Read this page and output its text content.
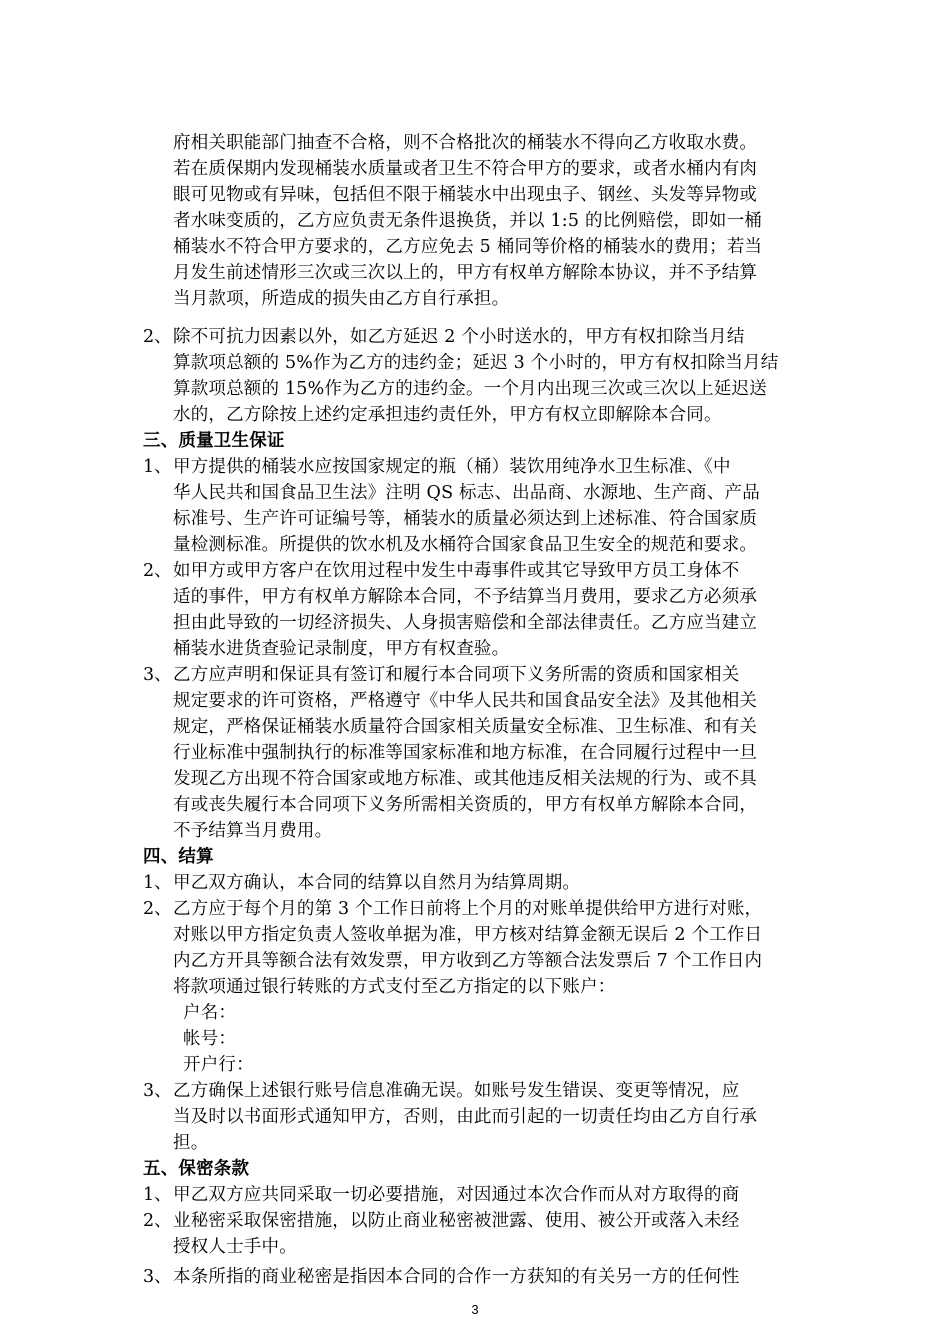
府相关职能部门抽查不合格，则不合格批次的桶装水不得向乙方收取水费。
若在质保期内发现桶装水质量或者卫生不符合甲方的要求，或者水桶内有肉
眼可见物或有异味，包括但不限于桶装水中出现虫子、钢丝、头发等异物或
者水味变质的，乙方应负责无条件退换货，并以 1:5 的比例赔偿，即如一桶
桶装水不符合甲方要求的，乙方应免去 5 桶同等价格的桶装水的费用；若当
月发生前述情形三次或三次以上的，甲方有权单方解除本协议，并不予结算
当月款项，所造成的损失由乙方自行承担。
2、 除不可抗力因素以外，如乙方延迟 2 个小时送水的，甲方有权扣除当月结
算款项总额的 5%作为乙方的违约金；延迟 3 个小时的，甲方有权扣除当月结
算款项总额的 15%作为乙方的违约金。一个月内出现三次或三次以上延迟送
水的，乙方除按上述约定承担违约责任外，甲方有权立即解除本合同。
三、质量卫生保证
1、 甲方提供的桶装水应按国家规定的瓶（桶）装饮用纯净水卫生标准、《中
华人民共和国食品卫生法》注明 QS 标志、出品商、水源地、生产商、产品
标准号、生产许可证编号等，桶装水的质量必须达到上述标准、符合国家质
量检测标准。所提供的饮水机及水桶符合国家食品卫生安全的规范和要求。
2、 如甲方或甲方客户在饮用过程中发生中毒事件或其它导致甲方员工身体不
适的事件，甲方有权单方解除本合同，不予结算当月费用，要求乙方必须承
担由此导致的一切经济损失、人身损害赔偿和全部法律责任。乙方应当建立
桶装水进货查验记录制度，甲方有权查验。
3、 乙方应声明和保证具有签订和履行本合同项下义务所需的资质和国家相关
规定要求的许可资格，严格遵守《中华人民共和国食品安全法》及其他相关
规定，严格保证桶装水质量符合国家相关质量安全标准、卫生标准、和有关
行业标准中强制执行的标准等国家标准和地方标准，在合同履行过程中一旦
发现乙方出现不符合国家或地方标准、或其他违反相关法规的行为、或不具
有或丧失履行本合同项下义务所需相关资质的，甲方有权单方解除本合同，
不予结算当月费用。
四、结算
1、 甲乙双方确认，本合同的结算以自然月为结算周期。
2、 乙方应于每个月的第 3 个工作日前将上个月的对账单提供给甲方进行对账，
对账以甲方指定负责人签收单据为准，甲方核对结算金额无误后 2 个工作日
内乙方开具等额合法有效发票，甲方收到乙方等额合法发票后 7 个工作日内
将款项通过银行转账的方式支付至乙方指定的以下账户：
户名：
帐号：
开户行：
3、 乙方确保上述银行账号信息准确无误。如账号发生错误、变更等情况，应
当及时以书面形式通知甲方，否则，由此而引起的一切责任均由乙方自行承
担。
五、保密条款
1、 甲乙双方应共同采取一切必要措施，对因通过本次合作而从对方取得的商
2、 业秘密采取保密措施，以防止商业秘密被泄露、使用、被公开或落入未经
授权人士手中。
3、 本条所指的商业秘密是指因本合同的合作一方获知的有关另一方的任何性
3
